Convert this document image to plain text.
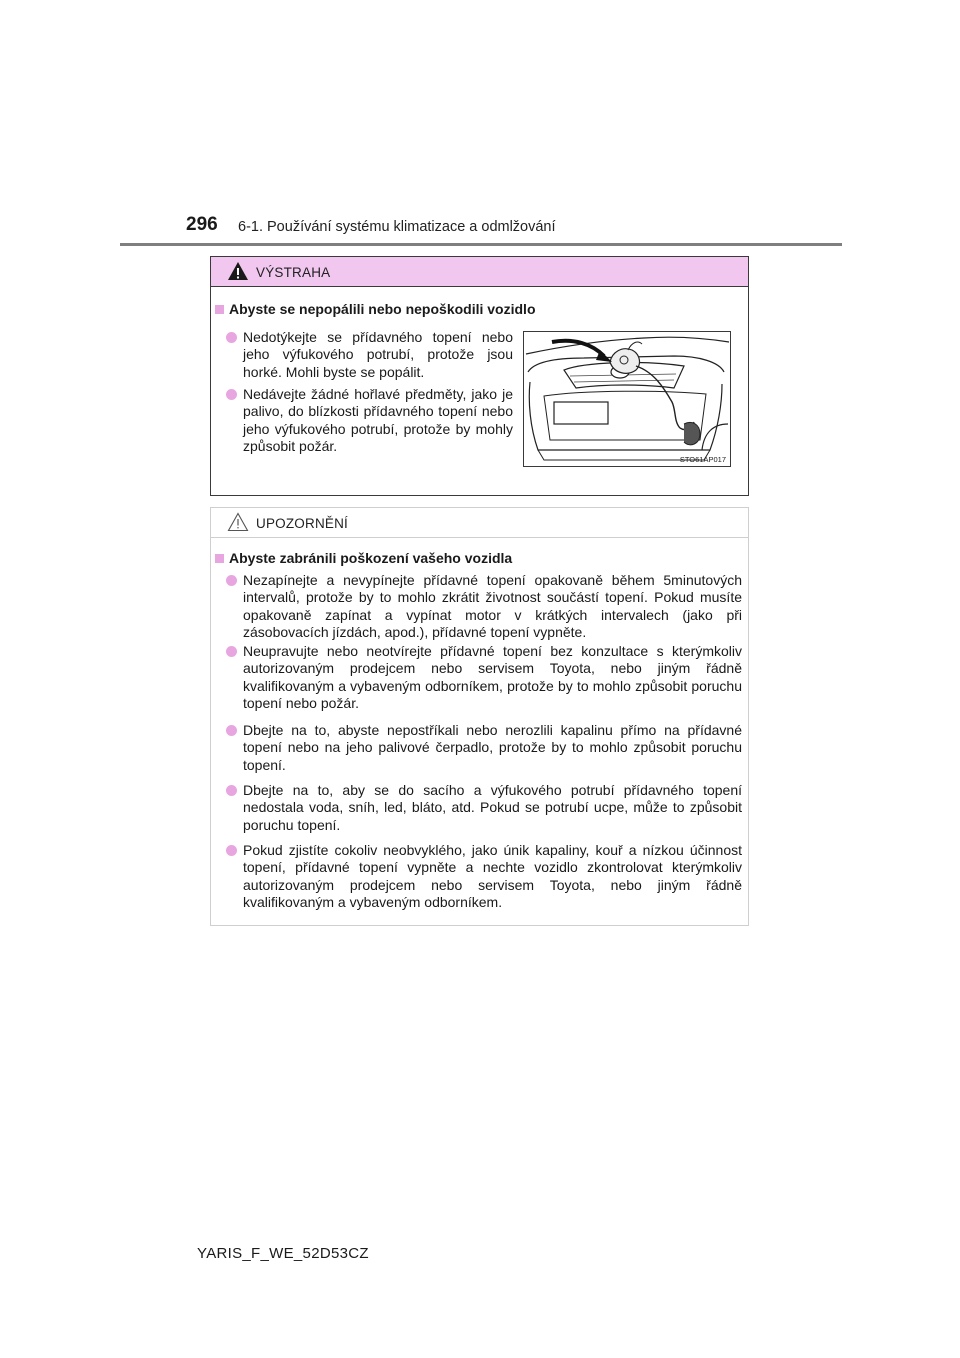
296 6-1. Používání systému klimatizace a odmlžování
VÝSTRAHA
Abyste se nepopálili nebo nepoškodili vozidlo
Nedotýkejte se přídavného topení nebo jeho výfukového potrubí, protože jsou horké. Mohli byste se popálit.
Nedávejte žádné hořlavé předměty, jako je palivo, do blízkosti přídavného topení nebo jeho výfukového potrubí, protože by mohly způsobit požár.
STO61AP017
UPOZORNĚNÍ
Abyste zabránili poškození vašeho vozidla
Nezapínejte a nevypínejte přídavné topení opakovaně během 5minutových intervalů, protože by to mohlo zkrátit životnost součástí topení. Pokud musíte opakovaně zapínat a vypínat motor v krátkých intervalech (jako při zásobovacích jízdách, apod.), přídavné topení vypněte.
Neupravujte nebo neotvírejte přídavné topení bez konzultace s kterýmkoliv autorizovaným prodejcem nebo servisem Toyota, nebo jiným řádně kvalifikovaným a vybaveným odborníkem, protože by to mohlo způsobit poruchu topení nebo požár.
Dbejte na to, abyste nepostříkali nebo nerozlili kapalinu přímo na přídavné topení nebo na jeho palivové čerpadlo, protože by to mohlo způsobit poruchu topení.
Dbejte na to, aby se do sacího a výfukového potrubí přídavného topení nedostala voda, sníh, led, bláto, atd. Pokud se potrubí ucpe, může to způsobit poruchu topení.
Pokud zjistíte cokoliv neobvyklého, jako únik kapaliny, kouř a nízkou účinnost topení, přídavné topení vypněte a nechte vozidlo zkontrolovat kterýmkoliv autorizovaným prodejcem nebo servisem Toyota, nebo jiným řádně kvalifikovaným a vybaveným odborníkem.
YARIS_F_WE_52D53CZ
